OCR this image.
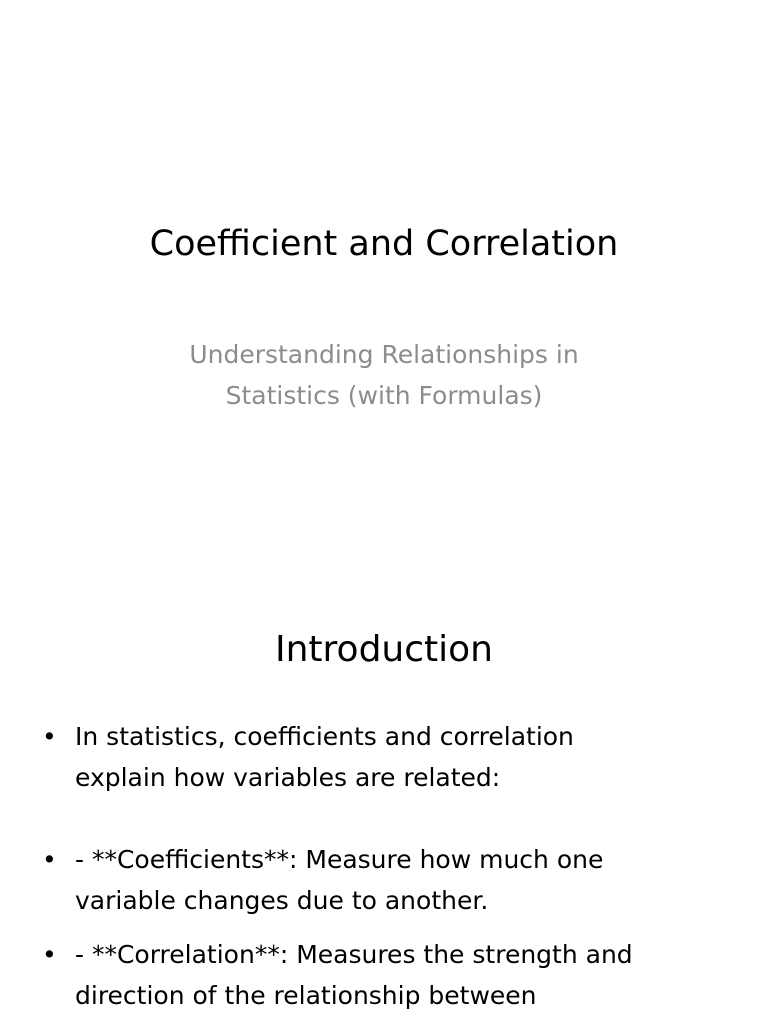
Coefficient and Correlation
Understanding Relationships in
Statistics (with Formulas)
Introduction
• In statistics, coefficients and correlation
explain how variables are related:
• - **Coefficients**: Measure how much one
variable changes due to another.
• - **Correlation**: Measures the strength and
direction of the relationship between
